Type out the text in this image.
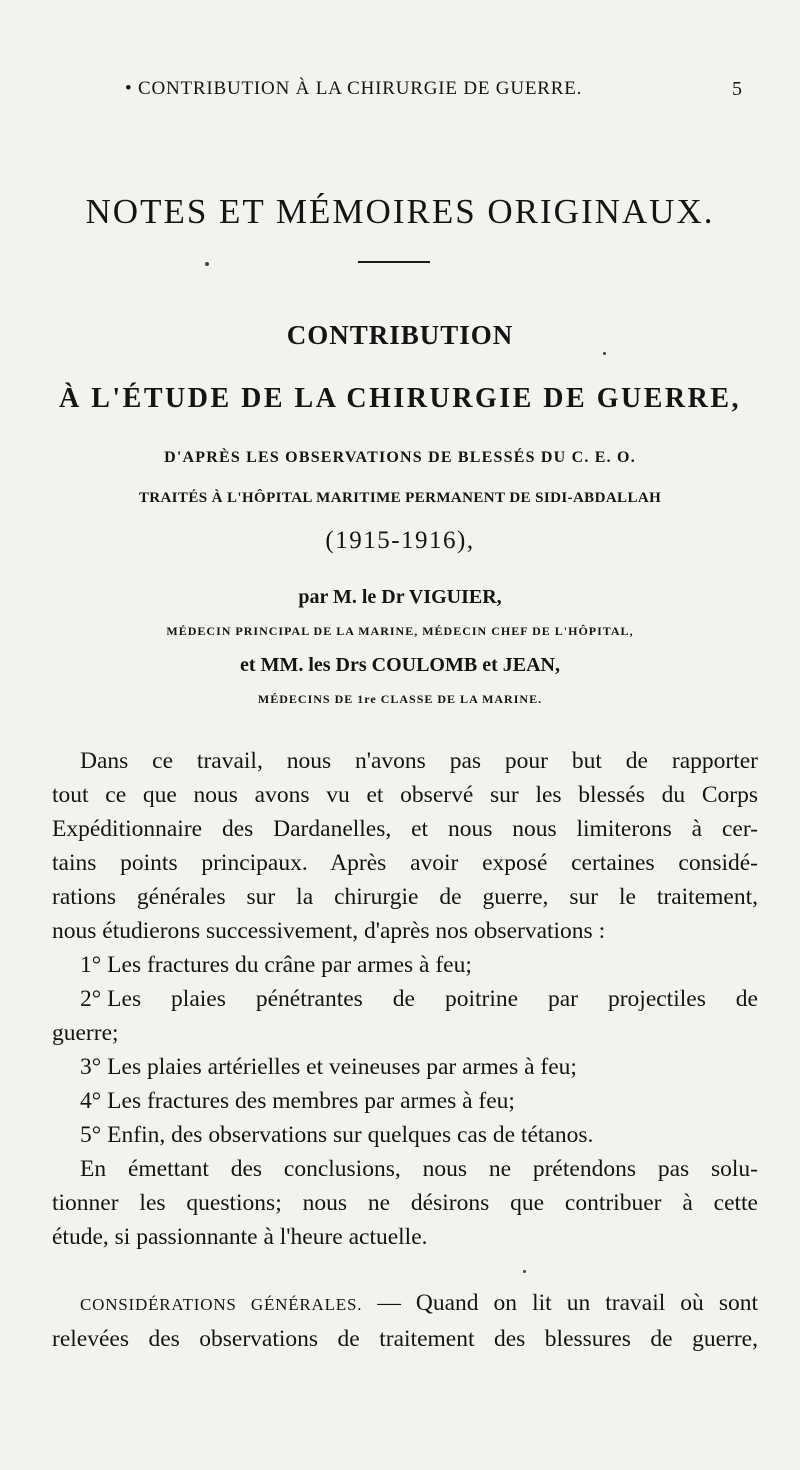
• CONTRIBUTION À LA CHIRURGIE DE GUERRE.	5
NOTES ET MÉMOIRES ORIGINAUX.
CONTRIBUTION
À L'ÉTUDE DE LA CHIRURGIE DE GUERRE,
D'APRÈS LES OBSERVATIONS DE BLESSÉS DU C. E. O.
TRAITÉS À L'HÔPITAL MARITIME PERMANENT DE SIDI-ABDALLAH
(1915-1916),
par M. le Dr VIGUIER,
MÉDECIN PRINCIPAL DE LA MARINE, MÉDECIN CHEF DE L'HÔPITAL,
et MM. les Drs COULOMB et JEAN,
MÉDECINS DE 1re CLASSE DE LA MARINE.
Dans ce travail, nous n'avons pas pour but de rapporter
tout ce que nous avons vu et observé sur les blessés du Corps
Expéditionnaire des Dardanelles, et nous nous limiterons à cer-
tains points principaux. Après avoir exposé certaines considé-
rations générales sur la chirurgie de guerre, sur le traitement,
nous étudierons successivement, d'après nos observations :
1° Les fractures du crâne par armes à feu;
2° Les plaies pénétrantes de poitrine par projectiles de
guerre;
3° Les plaies artérielles et veineuses par armes à feu;
4° Les fractures des membres par armes à feu;
5° Enfin, des observations sur quelques cas de tétanos.
En émettant des conclusions, nous ne prétendons pas solu-
tionner les questions; nous ne désirons que contribuer à cette
étude, si passionnante à l'heure actuelle.
CONSIDÉRATIONS GÉNÉRALES. — Quand on lit un travail où sont
relevées des observations de traitement des blessures de guerre,
